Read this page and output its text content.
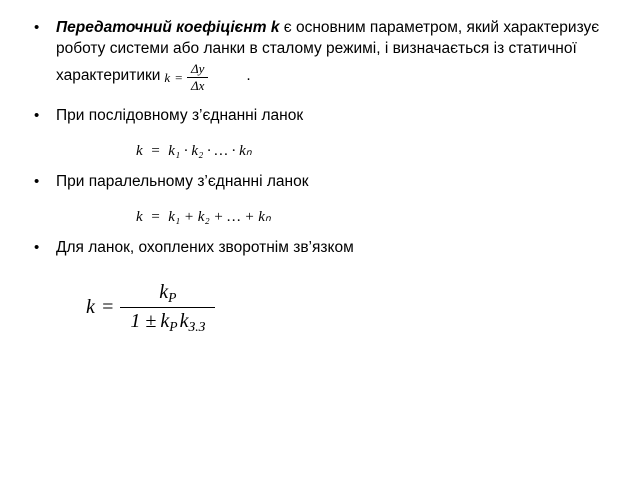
• Передаточний коефіцієнт k є основним параметром, який характеризує роботу системи або ланки в сталому режимі, і визначається із статичної характеритики $k = \frac{\Delta y}{\Delta x}$ .
• При послідовному з’єднанні ланок
k = k₁ · k₂ · … · kₙ
• При паралельному з’єднанні ланок
k = k₁ + k₂ + … + kₙ
• Для ланок, охоплених зворотнім зв’язком
$k = \frac{k_Р}{1 \pm k_Р k_{З.З}}$
